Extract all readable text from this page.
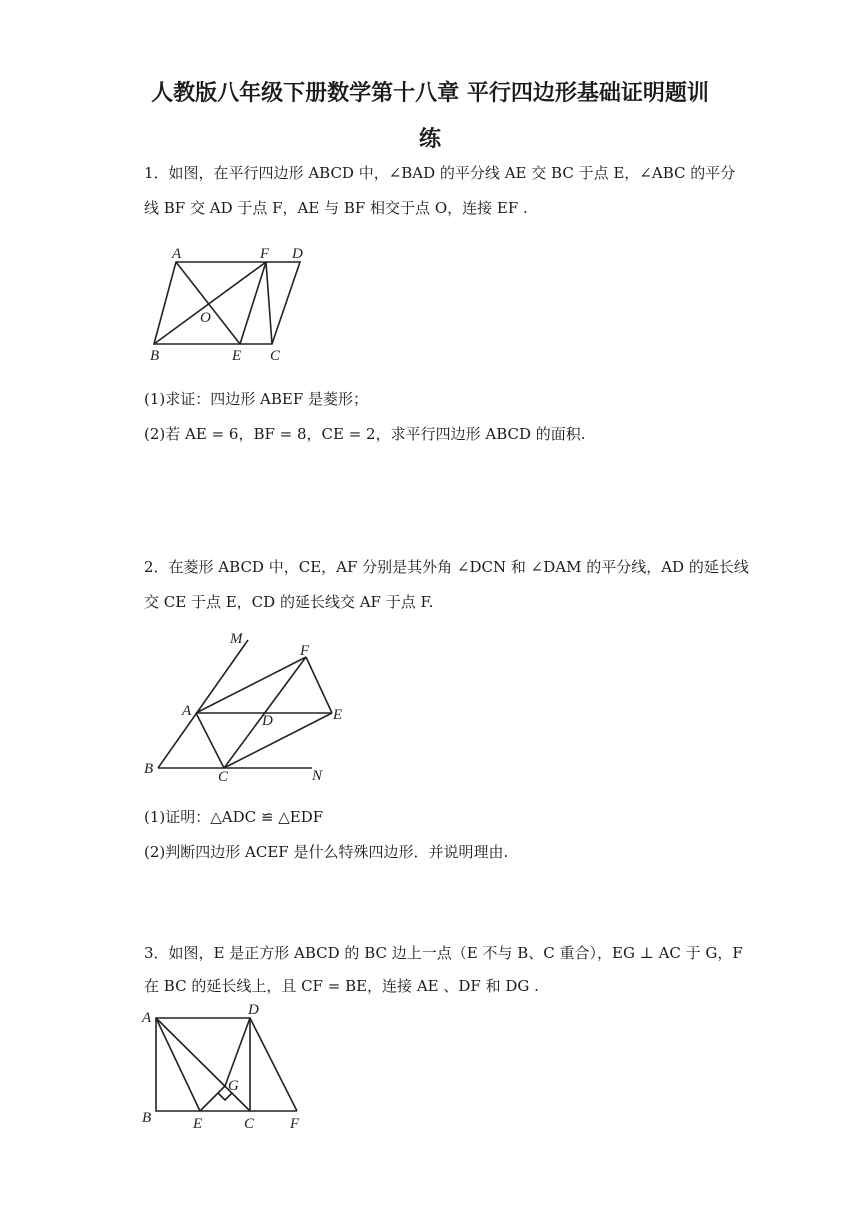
人教版八年级下册数学第十八章 平行四边形基础证明题训
练
1．如图，在平行四边形 ABCD 中，∠BAD 的平分线 AE 交 BC 于点 E，∠ABC 的平分
线 BF 交 AD 于点 F，AE 与 BF 相交于点 O，连接 EF .
A	F D
O
B	E C
(1)求证：四边形 ABEF 是菱形；
(2)若 AE = 6，BF = 8，CE = 2，求平行四边形 ABCD 的面积.
2．在菱形 ABCD 中，CE，AF 分别是其外角 ∠DCN 和 ∠DAM 的平分线，AD 的延长线
交 CE 于点 E，CD 的延长线交 AF 于点 F.
M
F
A
D	E
B	C	N
(1)证明：△ADC ≌ △EDF
(2)判断四边形 ACEF 是什么特殊四边形．并说明理由.
3．如图，E 是正方形 ABCD 的 BC 边上一点（E 不与 B、C 重合），EG ⊥ AC 于 G，F
在 BC 的延长线上，且 CF = BE，连接 AE 、DF 和 DG .
A	D
G
B	E	C F
